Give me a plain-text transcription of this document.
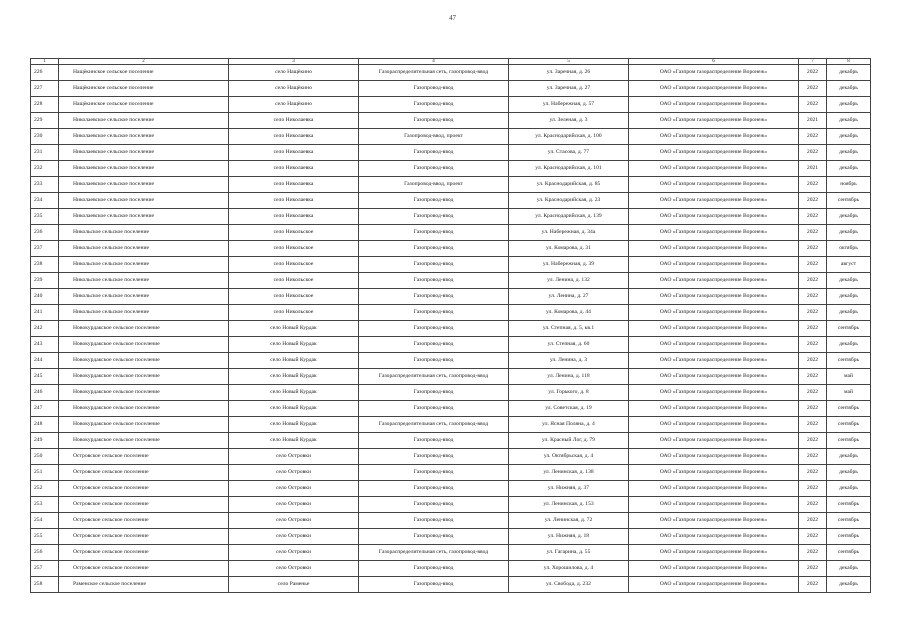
47
1	2	3	4	5	6	7	8
226	Нащёкинское сельское поселение	село Нащёкино	Газораспределительная сеть, газопровод-ввод	ул. Заречная, д. 26	ОАО «Газпром газораспределение Воронеж»	2022	декабрь
227	Нащёкинское сельское поселение	село Нащёкино	Газопровод-ввод	ул. Заречная, д. 27	ОАО «Газпром газораспределение Воронеж»	2022	декабрь
228	Нащёкинское сельское поселение	село Нащёкино	Газопровод-ввод	ул. Набережная, д. 57	ОАО «Газпром газораспределение Воронеж»	2022	декабрь
229	Николаевское сельское поселение	село Николаевка	Газопровод-ввод	ул. Зеленая, д. 3	ОАО «Газпром газораспределение Воронеж»	2021	декабрь
230	Николаевское сельское поселение	село Николаевка	Газопровод-ввод, проект	ул. Краснодарийская, д. 100	ОАО «Газпром газораспределение Воронеж»	2022	декабрь
231	Николаевское сельское поселение	село Николаевка	Газопровод-ввод	ул. Стасова, д. 77	ОАО «Газпром газораспределение Воронеж»	2022	декабрь
232	Николаевское сельское поселение	село Николаевка	Газопровод-ввод	ул. Краснодарийская, д. 101	ОАО «Газпром газораспределение Воронеж»	2021	декабрь
233	Николаевское сельское поселение	село Николаевка	Газопровод-ввод, проект	ул. Краснодарийская, д. 85	ОАО «Газпром газораспределение Воронеж»	2022	ноябрь
234	Николаевское сельское поселение	село Николаевка	Газопровод-ввод	ул. Краснодарийская, д. 23	ОАО «Газпром газораспределение Воронеж»	2022	сентябрь
235	Николаевское сельское поселение	село Николаевка	Газопровод-ввод	ул. Краснодарийская, д. 139	ОАО «Газпром газораспределение Воронеж»	2022	декабрь
236	Никольское сельское поселение	село Никольское	Газопровод-ввод	ул. Набережная, д. 34а	ОАО «Газпром газораспределение Воронеж»	2022	декабрь
237	Никольское сельское поселение	село Никольское	Газопровод-ввод	ул. Комарова, д. 31	ОАО «Газпром газораспределение Воронеж»	2022	октябрь
238	Никольское сельское поселение	село Никольское	Газопровод-ввод	ул. Набережная, д. 39	ОАО «Газпром газораспределение Воронеж»	2022	август
239	Никольское сельское поселение	село Никольское	Газопровод-ввод	ул. Ленина, д. 132	ОАО «Газпром газораспределение Воронеж»	2022	декабрь
240	Никольское сельское поселение	село Никольское	Газопровод-ввод	ул. Ленина, д. 27	ОАО «Газпром газораспределение Воронеж»	2022	декабрь
241	Никольское сельское поселение	село Никольское	Газопровод-ввод	ул. Комарова, д. 44	ОАО «Газпром газораспределение Воронеж»	2022	декабрь
242	Новокурдакское сельское поселение	село Новый Курдак	Газопровод-ввод	ул. Степная, д. 5, кв.1	ОАО «Газпром газораспределение Воронеж»	2022	сентябрь
243	Новокурдакское сельское поселение	село Новый Курдак	Газопровод-ввод	ул. Степная, д. 60	ОАО «Газпром газораспределение Воронеж»	2022	декабрь
244	Новокурдакское сельское поселение	село Новый Курдак	Газопровод-ввод	ул. Ленина, д. 3	ОАО «Газпром газораспределение Воронеж»	2022	сентябрь
245	Новокурдакское сельское поселение	село Новый Курдак	Газораспределительная сеть, газопровод-ввод	ул. Ленина, д. 118	ОАО «Газпром газораспределение Воронеж»	2022	май
246	Новокурдакское сельское поселение	село Новый Курдак	Газопровод-ввод	ул. Горького, д. 8	ОАО «Газпром газораспределение Воронеж»	2022	май
247	Новокурдакское сельское поселение	село Новый Курдак	Газопровод-ввод	ул. Советская, д. 19	ОАО «Газпром газораспределение Воронеж»	2022	сентябрь
248	Новокурдакское сельское поселение	село Новый Курдак	Газораспределительная сеть, газопровод-ввод	ул. Ясная Поляна, д. 4	ОАО «Газпром газораспределение Воронеж»	2022	сентябрь
249	Новокурдакское сельское поселение	село Новый Курдак	Газопровод-ввод	ул. Красный Лог, д. 79	ОАО «Газпром газораспределение Воронеж»	2022	сентябрь
250	Островское сельское поселение	село Островки	Газопровод-ввод	ул. Октябрьская, д. 4	ОАО «Газпром газораспределение Воронеж»	2022	декабрь
251	Островское сельское поселение	село Островки	Газопровод-ввод	ул. Ленинская, д. 138	ОАО «Газпром газораспределение Воронеж»	2022	декабрь
252	Островское сельское поселение	село Островки	Газопровод-ввод	ул. Нижняя, д. 37	ОАО «Газпром газораспределение Воронеж»	2022	декабрь
253	Островское сельское поселение	село Островки	Газопровод-ввод	ул. Ленинская, д. 153	ОАО «Газпром газораспределение Воронеж»	2022	сентябрь
254	Островское сельское поселение	село Островки	Газопровод-ввод	ул. Ленинская, д. 72	ОАО «Газпром газораспределение Воронеж»	2022	сентябрь
255	Островское сельское поселение	село Островки	Газопровод-ввод	ул. Нижняя, д. 18	ОАО «Газпром газораспределение Воронеж»	2022	сентябрь
256	Островское сельское поселение	село Островки	Газораспределительная сеть, газопровод-ввод	ул. Гагарина, д. 55	ОАО «Газпром газораспределение Воронеж»	2022	сентябрь
257	Островское сельское поселение	село Островки	Газопровод-ввод	ул. Хорошилова, д. 4	ОАО «Газпром газораспределение Воронеж»	2022	декабрь
258	Раменское сельское поселение	село Раменье	Газопровод-ввод	ул. Свобода, д. 232	ОАО «Газпром газораспределение Воронеж»	2022	декабрь
